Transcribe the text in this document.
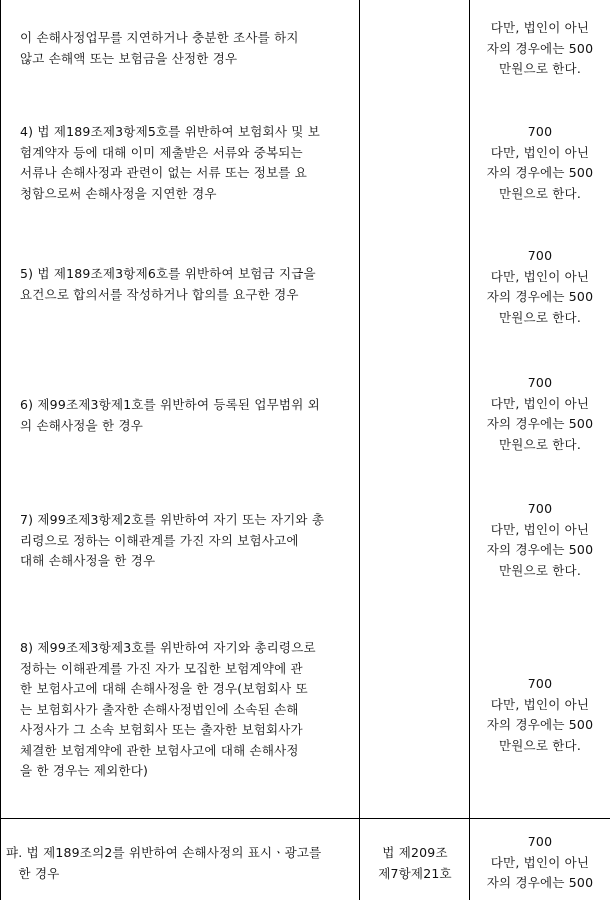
이 손해사정업무를 지연하거나 충분한 조사를 하지
않고 손해액 또는 보험금을 산정한 경우
다만, 법인이 아닌
자의 경우에는 500
만원으로 한다.
4) 법 제189조제3항제5호를 위반하여 보험회사 및 보
험계약자 등에 대해 이미 제출받은 서류와 중복되는
서류나 손해사정과 관련이 없는 서류 또는 정보를 요
청함으로써 손해사정을 지연한 경우
700
다만, 법인이 아닌
자의 경우에는 500
만원으로 한다.
5) 법 제189조제3항제6호를 위반하여 보험금 지급을
요건으로 합의서를 작성하거나 합의를 요구한 경우
700
다만, 법인이 아닌
자의 경우에는 500
만원으로 한다.
6) 제99조제3항제1호를 위반하여 등록된 업무범위 외
의 손해사정을 한 경우
700
다만, 법인이 아닌
자의 경우에는 500
만원으로 한다.
7) 제99조제3항제2호를 위반하여 자기 또는 자기와 총
리령으로 정하는 이해관계를 가진 자의 보험사고에
대해 손해사정을 한 경우
700
다만, 법인이 아닌
자의 경우에는 500
만원으로 한다.
8) 제99조제3항제3호를 위반하여 자기와 총리령으로
정하는 이해관계를 가진 자가 모집한 보험계약에 관
한 보험사고에 대해 손해사정을 한 경우(보험회사 또
는 보험회사가 출자한 손해사정법인에 소속된 손해
사정사가 그 소속 보험회사 또는 출자한 보험회사가
체결한 보험계약에 관한 보험사고에 대해 손해사정
을 한 경우는 제외한다)
700
다만, 법인이 아닌
자의 경우에는 500
만원으로 한다.
퍄. 법 제189조의2를 위반하여 손해사정의 표시ㆍ광고를
한 경우
법 제209조
제7항제21호
700
다만, 법인이 아닌
자의 경우에는 500
